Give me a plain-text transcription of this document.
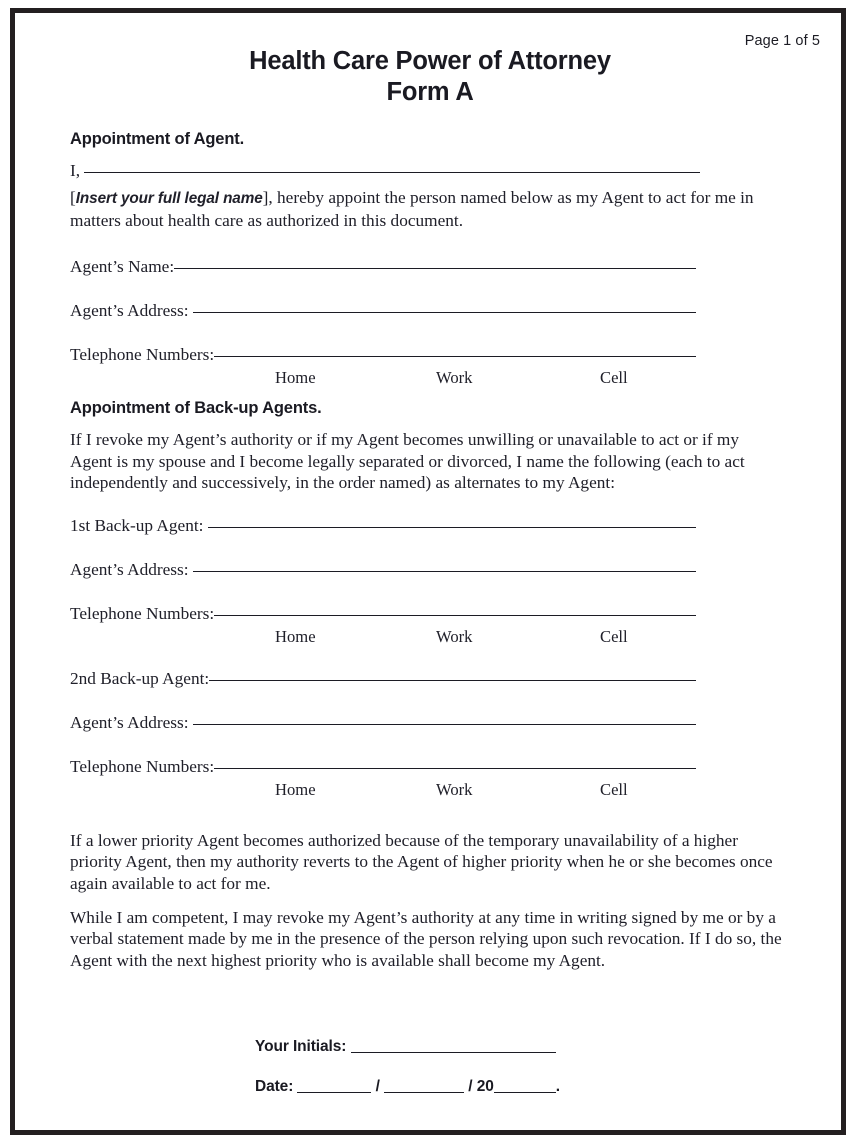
Page 1 of 5
Health Care Power of Attorney
Form A
Appointment of Agent.
I,
[Insert your full legal name], hereby appoint the person named below as my Agent to act for me in matters about health care as authorized in this document.
Agent’s Name:
Agent’s Address:
Telephone Numbers:
Home	Work	Cell
Appointment of Back-up Agents.
If I revoke my Agent’s authority or if my Agent becomes unwilling or unavailable to act or if my Agent is my spouse and I become legally separated or divorced, I name the following (each to act independently and successively, in the order named) as alternates to my Agent:
1st Back-up Agent:
Agent’s Address:
Telephone Numbers:
Home	Work	Cell
2nd Back-up Agent:
Agent’s Address:
Telephone Numbers:
Home	Work	Cell
If a lower priority Agent becomes authorized because of the temporary unavailability of a higher priority Agent, then my authority reverts to the Agent of higher priority when he or she becomes once again available to act for me.
While I am competent, I may revoke my Agent’s authority at any time in writing signed by me or by a verbal statement made by me in the presence of the person relying upon such revocation. If I do so, the Agent with the next highest priority who is available shall become my Agent.
Your Initials:
Date:	/	/ 20	.
